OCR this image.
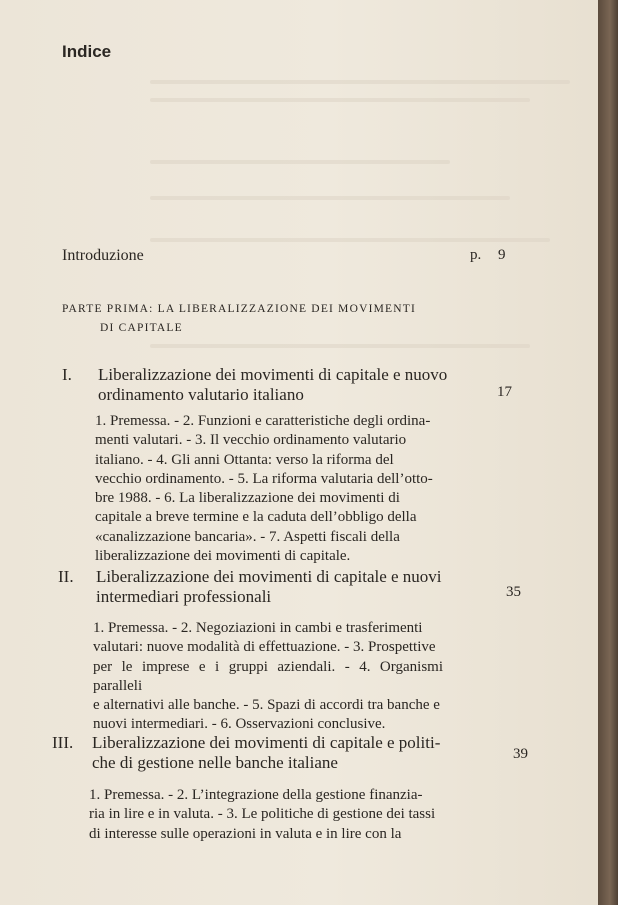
Indice
Introduzione	p. 9
PARTE PRIMA: LA LIBERALIZZAZIONE DEI MOVIMENTI
DI CAPITALE
I. Liberalizzazione dei movimenti di capitale e nuovo
ordinamento valutario italiano	17
1. Premessa. - 2. Funzioni e caratteristiche degli ordina-
menti valutari. - 3. Il vecchio ordinamento valutario
italiano. - 4. Gli anni Ottanta: verso la riforma del
vecchio ordinamento. - 5. La riforma valutaria dell’otto-
bre 1988. - 6. La liberalizzazione dei movimenti di
capitale a breve termine e la caduta dell’obbligo della
«canalizzazione bancaria». - 7. Aspetti fiscali della
liberalizzazione dei movimenti di capitale.
II. Liberalizzazione dei movimenti di capitale e nuovi
intermediari professionali	35
1. Premessa. - 2. Negoziazioni in cambi e trasferimenti
valutari: nuove modalità di effettuazione. - 3. Prospettive
per le imprese e i gruppi aziendali. - 4. Organismi paralleli
e alternativi alle banche. - 5. Spazi di accordi tra banche e
nuovi intermediari. - 6. Osservazioni conclusive.
III. Liberalizzazione dei movimenti di capitale e politi-
che di gestione nelle banche italiane	39
1. Premessa. - 2. L’integrazione della gestione finanzia-
ria in lire e in valuta. - 3. Le politiche di gestione dei tassi
di interesse sulle operazioni in valuta e in lire con la
